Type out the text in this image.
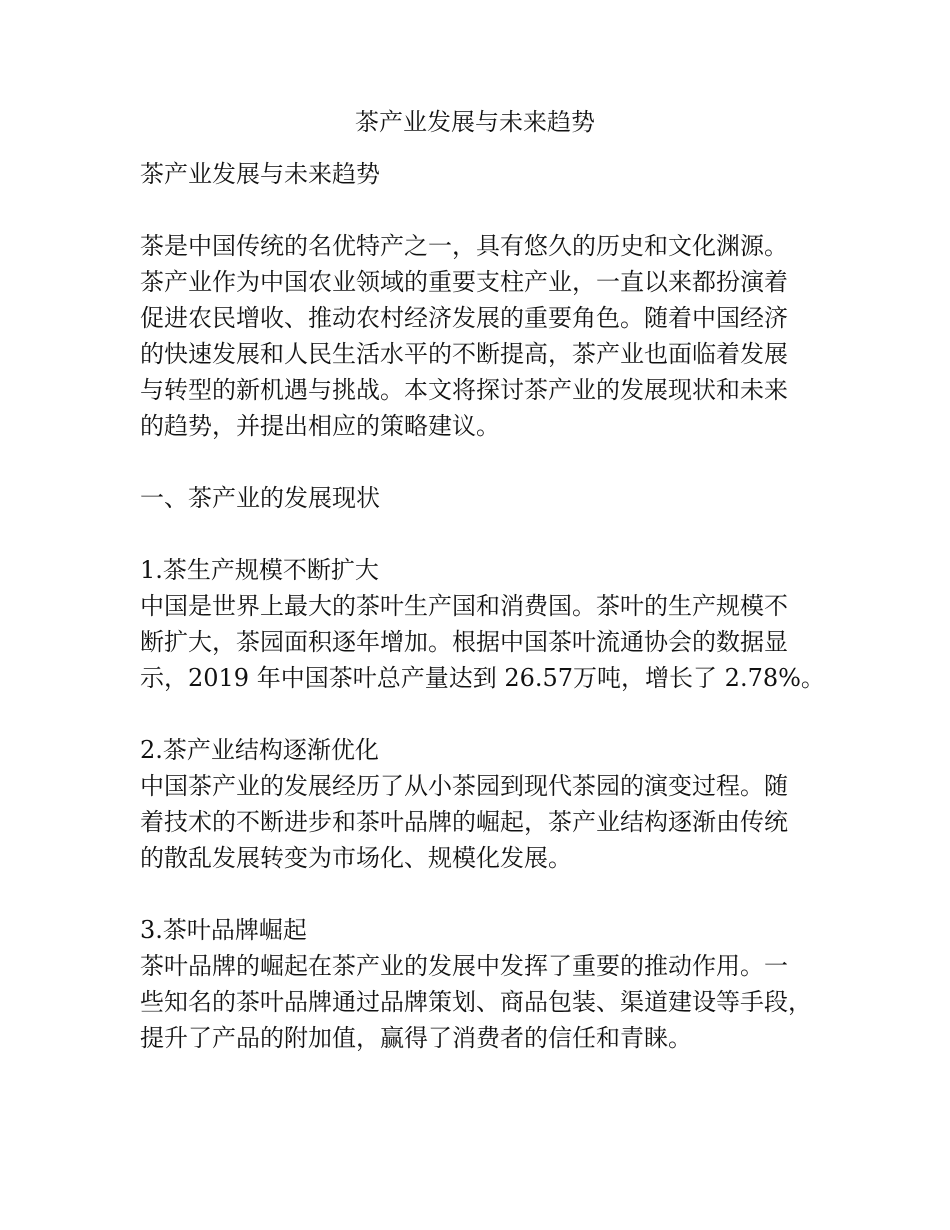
茶产业发展与未来趋势

茶产业发展与未来趋势

茶是中国传统的名优特产之一，具有悠久的历史和文化渊源。
茶产业作为中国农业领域的重要支柱产业，一直以来都扮演着
促进农民增收、推动农村经济发展的重要角色。随着中国经济
的快速发展和人民生活水平的不断提高，茶产业也面临着发展
与转型的新机遇与挑战。本文将探讨茶产业的发展现状和未来
的趋势，并提出相应的策略建议。

一、茶产业的发展现状

1.茶生产规模不断扩大
中国是世界上最大的茶叶生产国和消费国。茶叶的生产规模不
断扩大，茶园面积逐年增加。根据中国茶叶流通协会的数据显
示，2019 年中国茶叶总产量达到 26.57万吨，增长了 2.78%。
2.茶产业结构逐渐优化
中国茶产业的发展经历了从小茶园到现代茶园的演变过程。随
着技术的不断进步和茶叶品牌的崛起，茶产业结构逐渐由传统
的散乱发展转变为市场化、规模化发展。
3.茶叶品牌崛起
茶叶品牌的崛起在茶产业的发展中发挥了重要的推动作用。一
些知名的茶叶品牌通过品牌策划、商品包装、渠道建设等手段，
提升了产品的附加值，赢得了消费者的信任和青睐。
